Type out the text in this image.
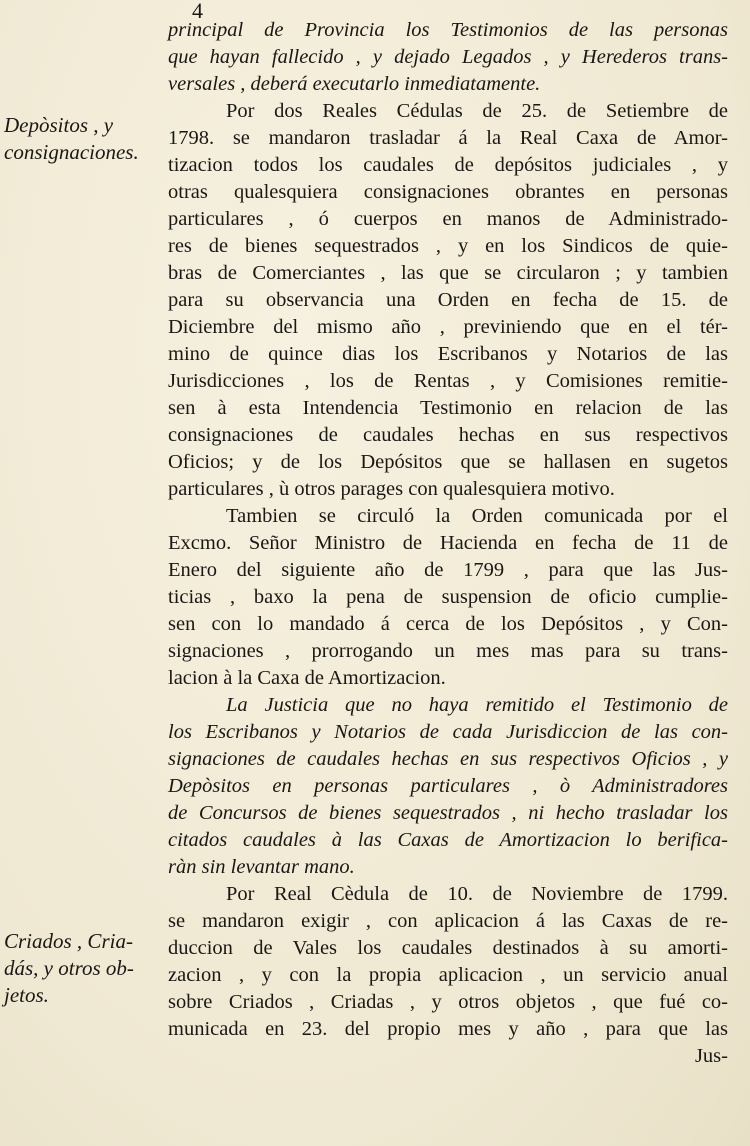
4
Depòsitos , y
consignaciones.
Criados , Cria-
dás, y otros ob-
jetos.
principal de Provincia los Testimonios de las personas
que hayan fallecido , y dejado Legados , y Herederos trans-
versales , deberá executarlo inmediatamente.
Por dos Reales Cédulas de 25. de Setiembre de
1798. se mandaron trasladar á la Real Caxa de Amor-
tizacion todos los caudales de depósitos judiciales , y
otras qualesquiera consignaciones obrantes en personas
particulares , ó cuerpos en manos de Administrado-
res de bienes sequestrados , y en los Sindicos de quie-
bras de Comerciantes , las que se circularon ; y tambien
para su observancia una Orden en fecha de 15. de
Diciembre del mismo año , previniendo que en el tér-
mino de quince dias los Escribanos y Notarios de las
Jurisdicciones , los de Rentas , y Comisiones remitie-
sen à esta Intendencia Testimonio en relacion de las
consignaciones de caudales hechas en sus respectivos
Oficios; y de los Depósitos que se hallasen en sugetos
particulares , ù otros parages con qualesquiera motivo.
Tambien se circuló la Orden comunicada por el
Excmo. Señor Ministro de Hacienda en fecha de 11 de
Enero del siguiente año de 1799 , para que las Jus-
ticias , baxo la pena de suspension de oficio cumplie-
sen con lo mandado á cerca de los Depósitos , y Con-
signaciones , prorrogando un mes mas para su trans-
lacion à la Caxa de Amortizacion.
La Justicia que no haya remitido el Testimonio de
los Escribanos y Notarios de cada Jurisdiccion de las con-
signaciones de caudales hechas en sus respectivos Oficios , y
Depòsitos en personas particulares , ò Administradores
de Concursos de bienes sequestrados , ni hecho trasladar los
citados caudales à las Caxas de Amortizacion lo berifica-
ràn sin levantar mano.
Por Real Cèdula de 10. de Noviembre de 1799.
se mandaron exigir , con aplicacion á las Caxas de re-
duccion de Vales los caudales destinados à su amorti-
zacion , y con la propia aplicacion , un servicio anual
sobre Criados , Criadas , y otros objetos , que fué co-
municada en 23. del propio mes y año , para que las
Jus-
